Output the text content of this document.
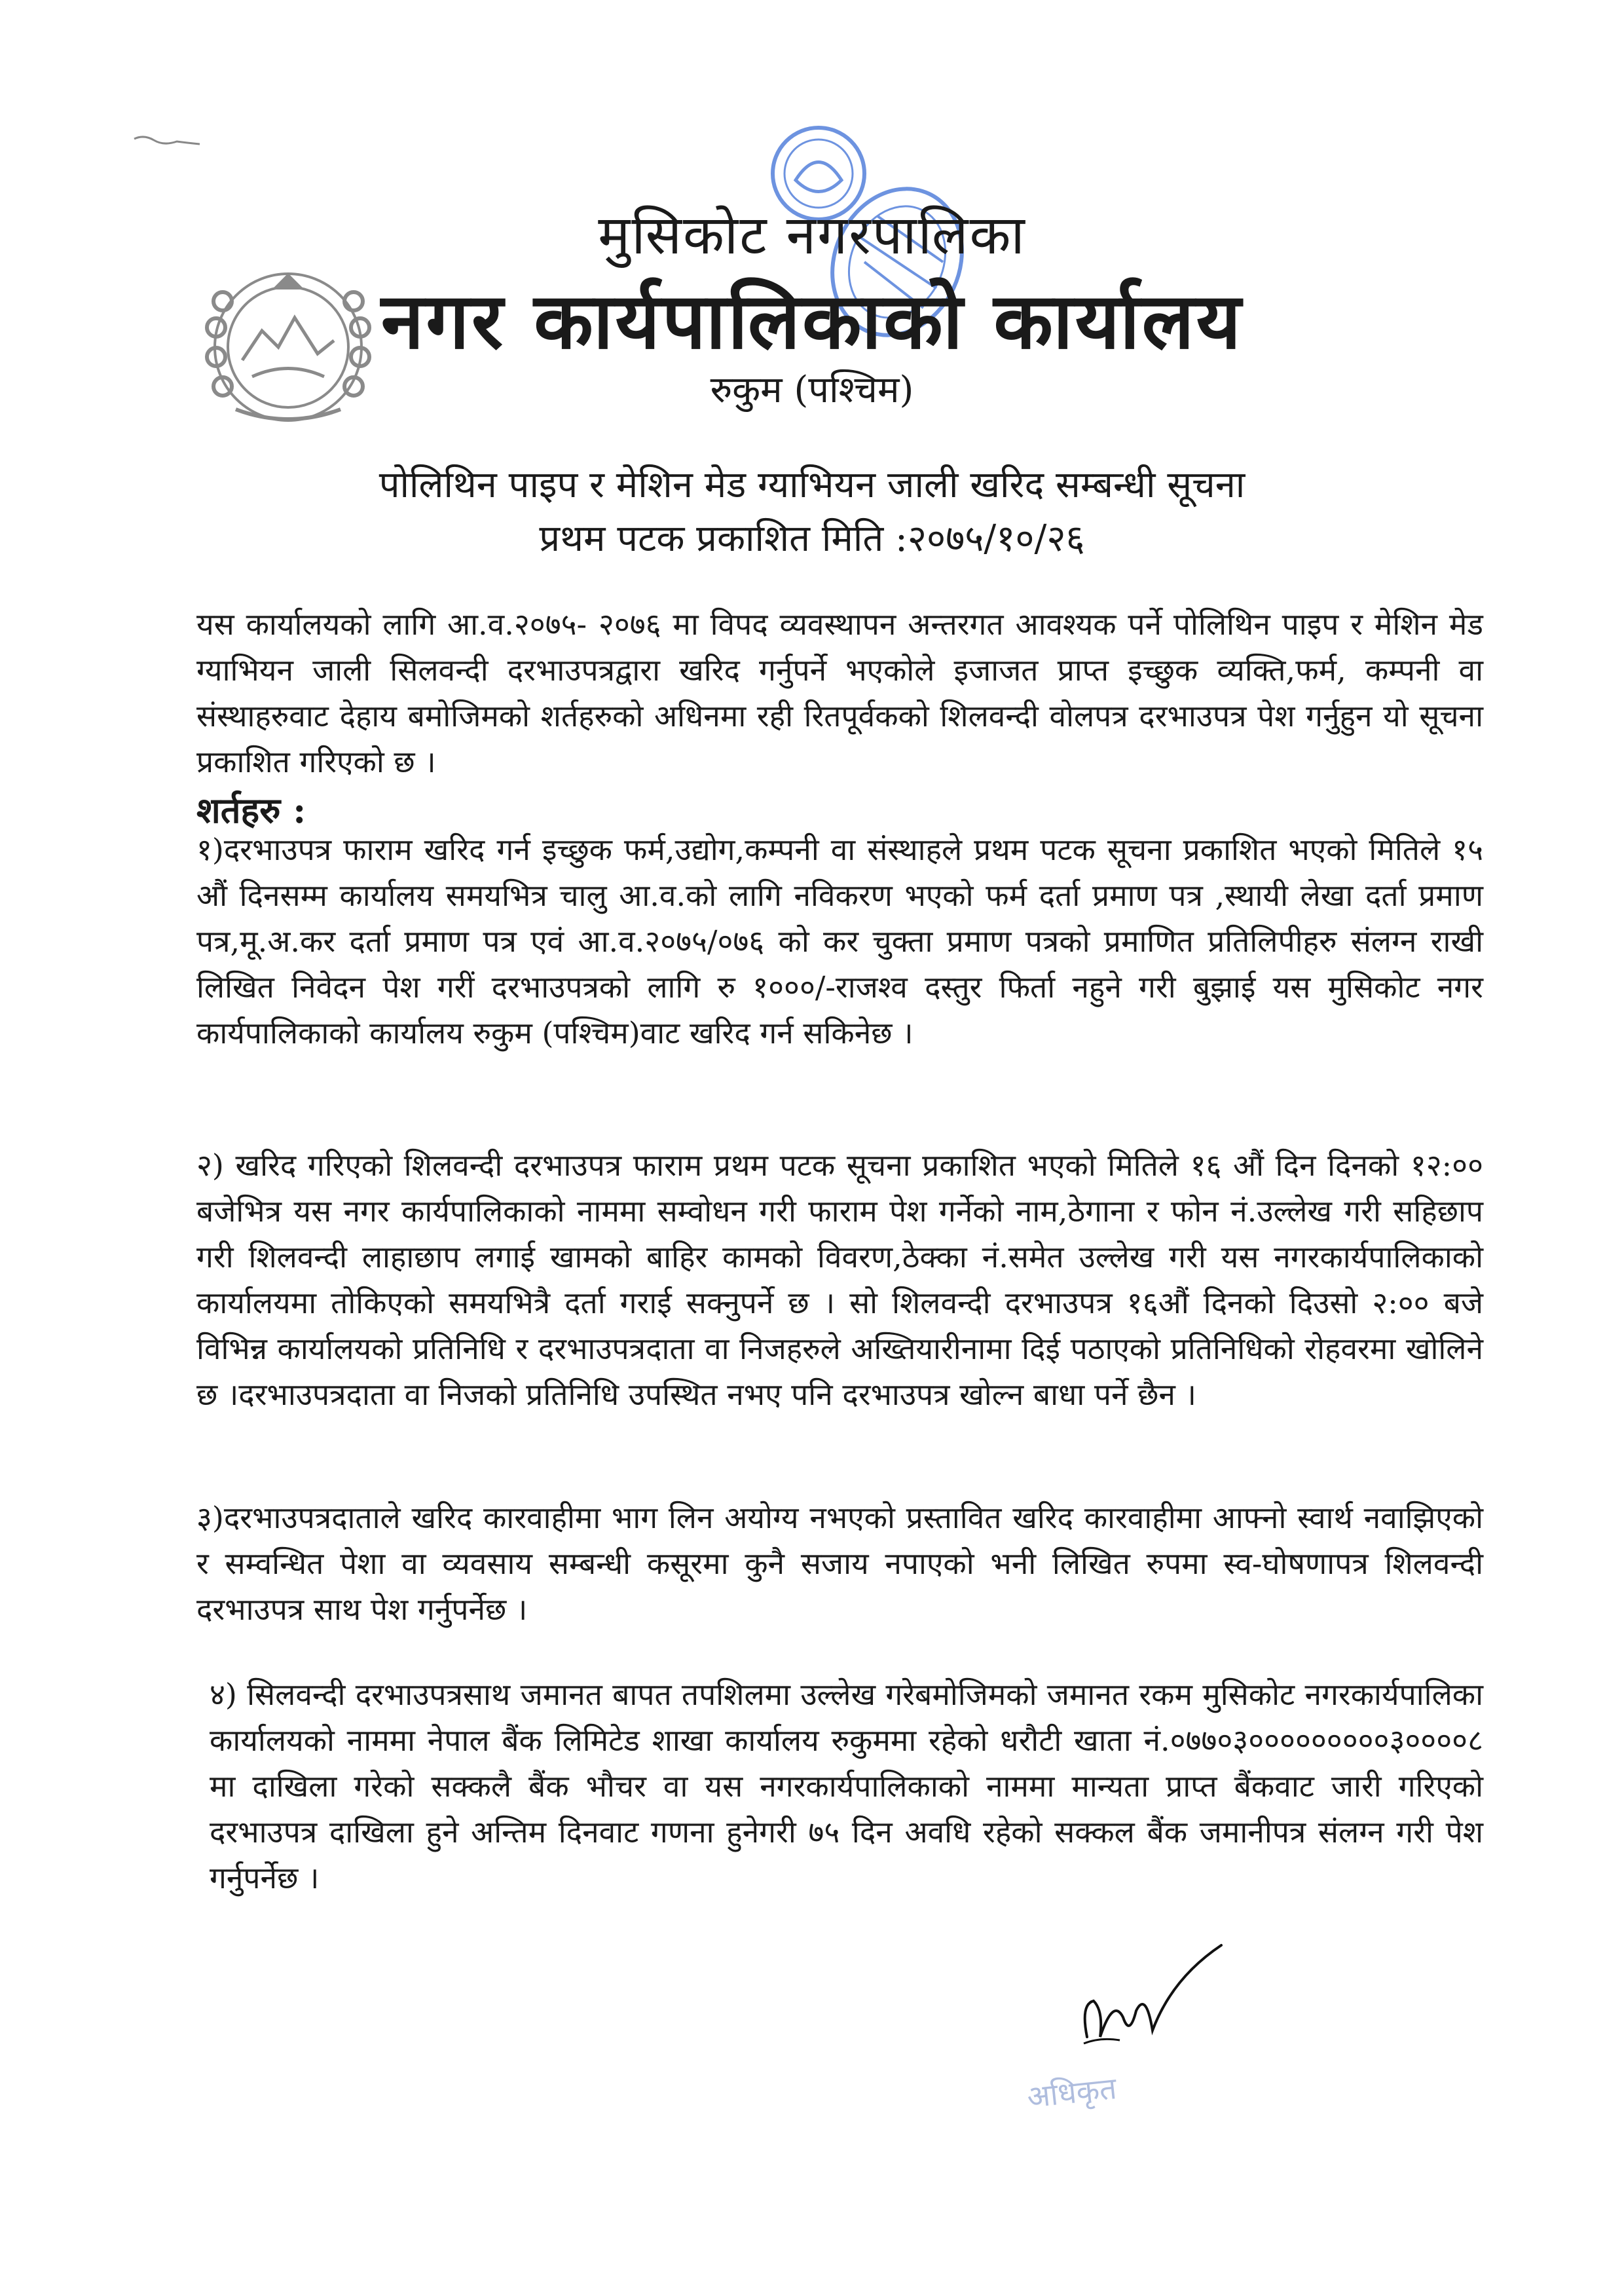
मुसिकोट नगरपालिका
नगर कार्यपालिकाको कार्यालय
रुकुम (पश्चिम)
पोलिथिन पाइप र मेशिन मेड ग्याभियन जाली खरिद सम्बन्धी सूचना
प्रथम पटक प्रकाशित मिति :२०७५/१०/२६

यस कार्यालयको लागि आ.व.२०७५- २०७६ मा विपद व्यवस्थापन अन्तरगत आवश्यक पर्ने पोलिथिन पाइप र मेशिन मेड ग्याभियन जाली सिलवन्दी दरभाउपत्रद्वारा खरिद गर्नुपर्ने भएकोले इजाजत प्राप्त इच्छुक व्यक्ति,फर्म, कम्पनी वा संस्थाहरुवाट देहाय बमोजिमको शर्तहरुको अधिनमा रही रितपूर्वकको शिलवन्दी वोलपत्र दरभाउपत्र पेश गर्नुहुन यो सूचना प्रकाशित गरिएको छ ।

शर्तहरु :

१)दरभाउपत्र फाराम खरिद गर्न इच्छुक फर्म,उद्योग,कम्पनी वा संस्थाहले प्रथम पटक सूचना प्रकाशित भएको मितिले १५ औं दिनसम्म कार्यालय समयभित्र चालु आ.व.को लागि नविकरण भएको फर्म दर्ता प्रमाण पत्र ,स्थायी लेखा दर्ता प्रमाण पत्र,मू.अ.कर दर्ता प्रमाण पत्र एवं आ.व.२०७५/०७६ को कर चुक्ता प्रमाण पत्रको प्रमाणित प्रतिलिपीहरु संलग्न राखी लिखित निवेदन पेश गरीं दरभाउपत्रको लागि रु १०००/-राजश्व दस्तुर फिर्ता नहुने गरी बुझाई यस मुसिकोट नगर कार्यपालिकाको कार्यालय रुकुम (पश्चिम)वाट खरिद गर्न सकिनेछ ।

२) खरिद गरिएको शिलवन्दी दरभाउपत्र फाराम प्रथम पटक सूचना प्रकाशित भएको मितिले १६ औं दिन दिनको १२:०० बजेभित्र यस नगर कार्यपालिकाको नाममा सम्वोधन गरी फाराम पेश गर्नेको नाम,ठेगाना र फोन नं.उल्लेख गरी सहिछाप गरी शिलवन्दी लाहाछाप लगाई खामको बाहिर कामको विवरण,ठेक्का नं.समेत उल्लेख गरी यस नगरकार्यपालिकाको कार्यालयमा तोकिएको समयभित्रै दर्ता गराई सक्नुपर्ने छ । सो शिलवन्दी दरभाउपत्र १६औं दिनको दिउसो २:०० बजे विभिन्न कार्यालयको प्रतिनिधि र दरभाउपत्रदाता वा निजहरुले अख्तियारीनामा दिई पठाएको प्रतिनिधिको रोहवरमा खोलिने छ ।दरभाउपत्रदाता वा निजको प्रतिनिधि उपस्थित नभए पनि दरभाउपत्र खोल्न बाधा पर्ने छैन ।

३)दरभाउपत्रदाताले खरिद कारवाहीमा भाग लिन अयोग्य नभएको प्रस्तावित खरिद कारवाहीमा आफ्नो स्वार्थ नवाझिएको र सम्वन्धित पेशा वा व्यवसाय सम्बन्धी कसूरमा कुनै सजाय नपाएको भनी लिखित रुपमा स्व-घोषणापत्र शिलवन्दी दरभाउपत्र साथ पेश गर्नुपर्नेछ ।

४) सिलवन्दी दरभाउपत्रसाथ जमानत बापत तपशिलमा उल्लेख गरेबमोजिमको जमानत रकम मुसिकोट नगरकार्यपालिका कार्यालयको नाममा नेपाल बैंक लिमिटेड शाखा कार्यालय रुकुममा रहेको धरौटी खाता नं.०७७०३०००००००००३००००८ मा दाखिला गरेको सक्कलै बैंक भौचर वा यस नगरकार्यपालिकाको नाममा मान्यता प्राप्त बैंकवाट जारी गरिएको दरभाउपत्र दाखिला हुने अन्तिम दिनवाट गणना हुनेगरी ७५ दिन अवधि रहेको सक्कल बैंक जमानीपत्र संलग्न गरी पेश गर्नुपर्नेछ ।

अधिकृत
